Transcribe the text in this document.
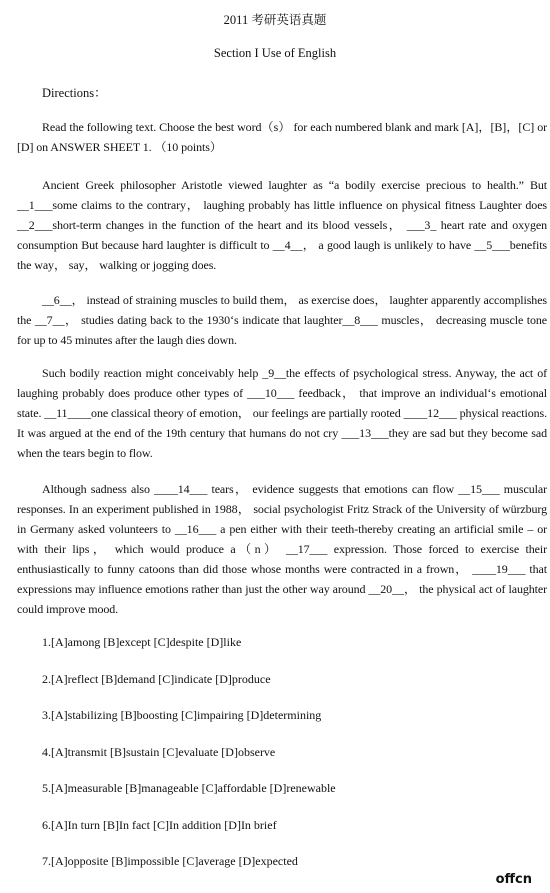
2011 考研英语真题
Section I Use of English
Directions：

Read the following text. Choose the best word（s） for each numbered blank and mark [A]，[B]，[C] or [D] on ANSWER SHEET 1. （10 points）

Ancient Greek philosopher Aristotle viewed laughter as “a bodily exercise precious to health.” But __1___some claims to the contrary， laughing probably has little influence on physical fitness Laughter does __2___short-term changes in the function of the heart and its blood vessels， ___3_ heart rate and oxygen consumption But because hard laughter is difficult to __4__， a good laugh is unlikely to have __5___benefits the way， say， walking or jogging does.

__6__， instead of straining muscles to build them， as exercise does， laughter apparently accomplishes the __7__， studies dating back to the 1930‘s indicate that laughter__8___ muscles， decreasing muscle tone for up to 45 minutes after the laugh dies down.

Such bodily reaction might conceivably help _9__the effects of psychological stress. Anyway, the act of laughing probably does produce other types of ___10___ feedback， that improve an individual‘s emotional state. __11____one classical theory of emotion， our feelings are partially rooted ____12___ physical reactions. It was argued at the end of the 19th century that humans do not cry ___13___they are sad but they become sad when the tears begin to flow.

Although sadness also ____14___ tears， evidence suggests that emotions can flow __15___ muscular responses. In an experiment published in 1988， social psychologist Fritz Strack of the University of würzburg in Germany asked volunteers to __16___ a pen either with their teeth-thereby creating an artificial smile – or with their lips， which would produce a（n） __17___ expression. Those forced to exercise their enthusiastically to funny catoons than did those whose months were contracted in a frown， ____19___ that expressions may influence emotions rather than just the other way around __20__， the physical act of laughter could improve mood.

1.[A]among [B]except [C]despite [D]like
2.[A]reflect [B]demand [C]indicate [D]produce
3.[A]stabilizing [B]boosting [C]impairing [D]determining
4.[A]transmit [B]sustain [C]evaluate [D]observe
5.[A]measurable [B]manageable [C]affordable [D]renewable
6.[A]In turn [B]In fact [C]In addition [D]In brief
7.[A]opposite [B]impossible [C]average [D]expected
offcn
